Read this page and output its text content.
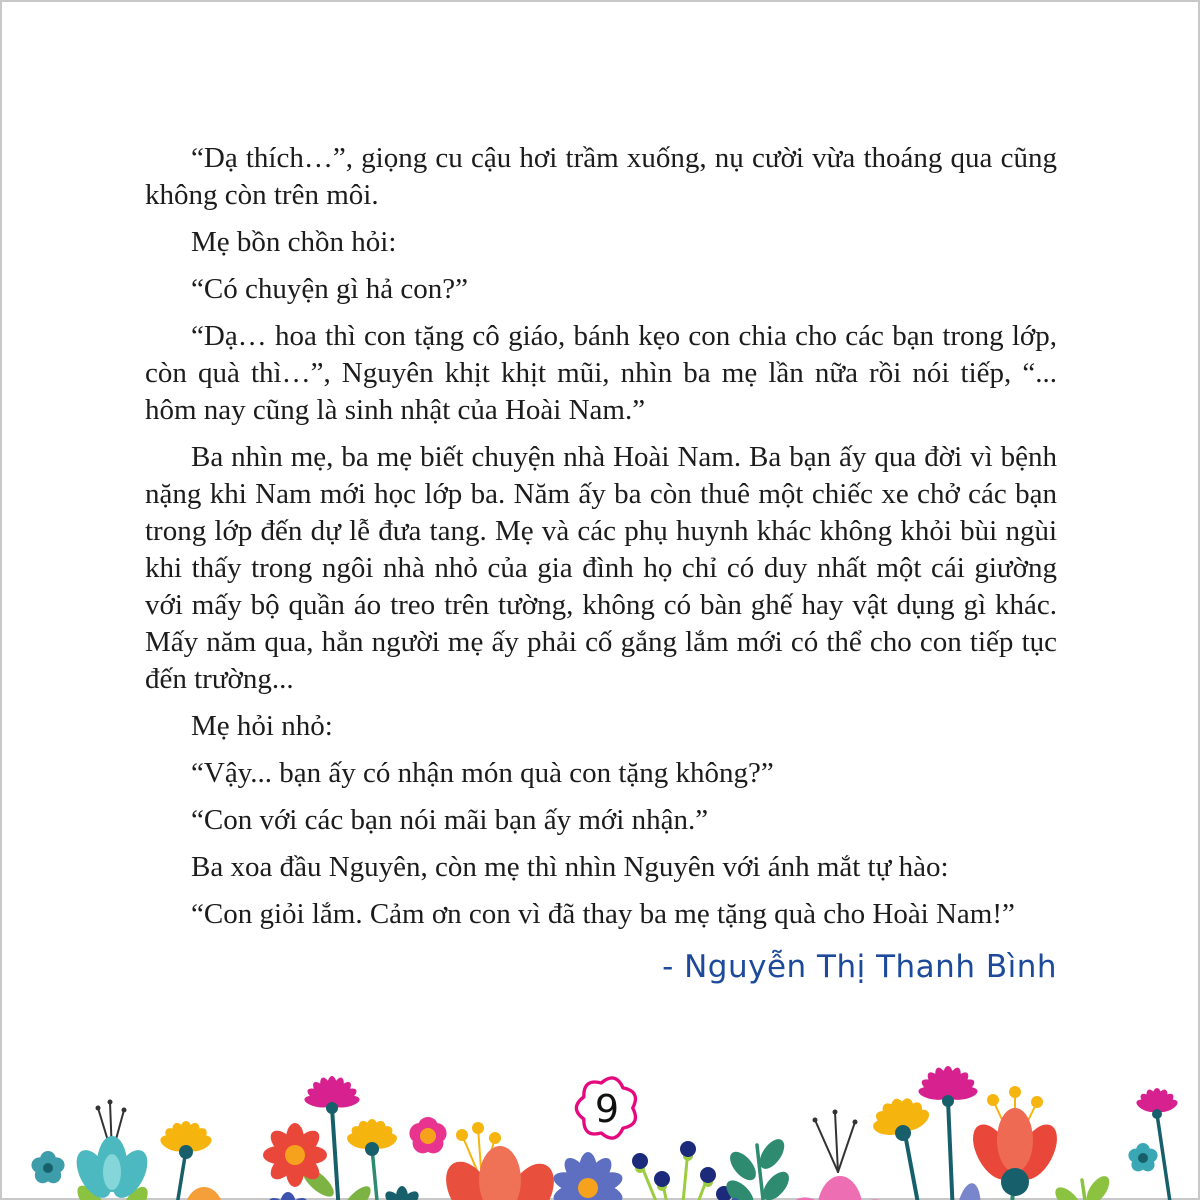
“Dạ thích…”, giọng cu cậu hơi trầm xuống, nụ cười vừa thoáng qua cũng không còn trên môi.

Mẹ bồn chồn hỏi:

“Có chuyện gì hả con?”

“Dạ… hoa thì con tặng cô giáo, bánh kẹo con chia cho các bạn trong lớp, còn quà thì…”, Nguyên khịt khịt mũi, nhìn ba mẹ lần nữa rồi nói tiếp, “... hôm nay cũng là sinh nhật của Hoài Nam.”

Ba nhìn mẹ, ba mẹ biết chuyện nhà Hoài Nam. Ba bạn ấy qua đời vì bệnh nặng khi Nam mới học lớp ba. Năm ấy ba còn thuê một chiếc xe chở các bạn trong lớp đến dự lễ đưa tang. Mẹ và các phụ huynh khác không khỏi bùi ngùi khi thấy trong ngôi nhà nhỏ của gia đình họ chỉ có duy nhất một cái giường với mấy bộ quần áo treo trên tường, không có bàn ghế hay vật dụng gì khác. Mấy năm qua, hẳn người mẹ ấy phải cố gắng lắm mới có thể cho con tiếp tục đến trường...

Mẹ hỏi nhỏ:

“Vậy... bạn ấy có nhận món quà con tặng không?”

“Con với các bạn nói mãi bạn ấy mới nhận.”

Ba xoa đầu Nguyên, còn mẹ thì nhìn Nguyên với ánh mắt tự hào:

“Con giỏi lắm. Cảm ơn con vì đã thay ba mẹ tặng quà cho Hoài Nam!”

- Nguyễn Thị Thanh Bình

9
